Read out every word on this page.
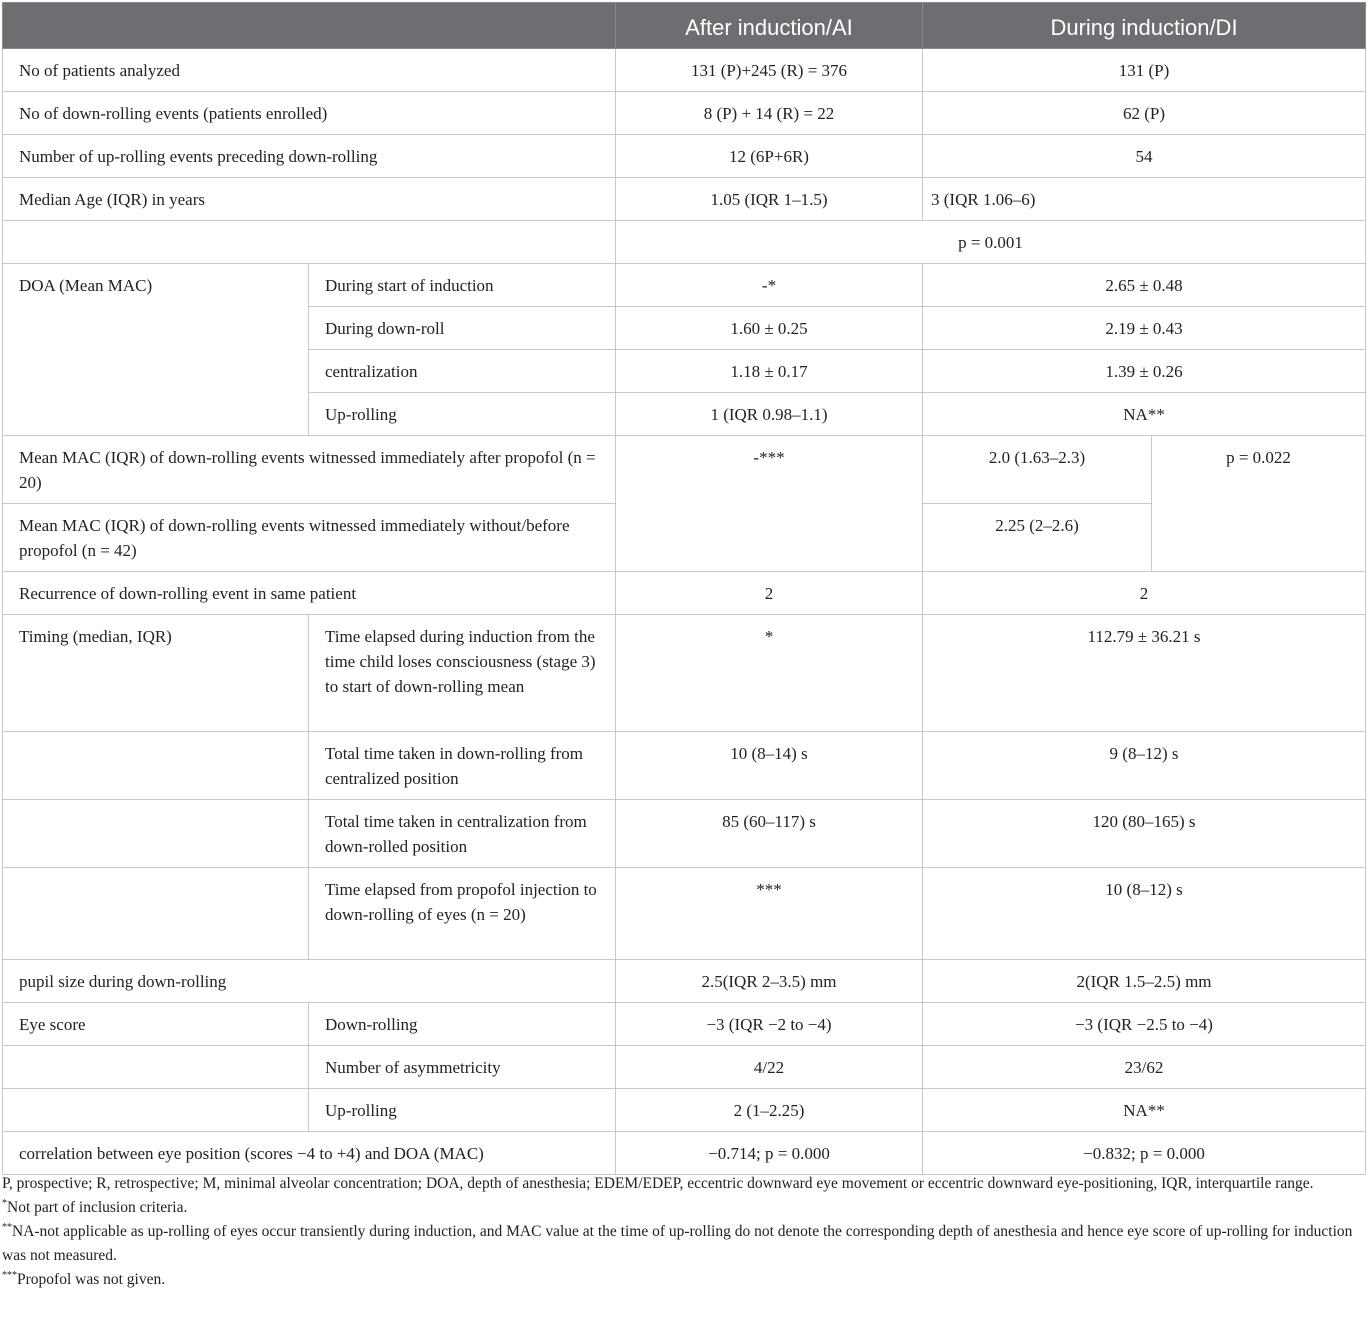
		After induction/AI	During induction/DI	
No of patients analyzed		131 (P)+245 (R) = 376	131 (P)	
No of down-rolling events (patients enrolled)		8 (P) + 14 (R) = 22	62 (P)	
Number of up-rolling events preceding down-rolling		12 (6P+6R)	54	
Median Age (IQR) in years		1.05 (IQR 1–1.5)	3 (IQR 1.06–6)	
		p = 0.001		
DOA (Mean MAC)	During start of induction	-*	2.65 ± 0.48	
	During down-roll	1.60 ± 0.25	2.19 ± 0.43	
	centralization	1.18 ± 0.17	1.39 ± 0.26	
	Up-rolling	1 (IQR 0.98–1.1)	NA**	
Mean MAC (IQR) of down-rolling events witnessed immediately after propofol (n = 20)		-***	2.0 (1.63–2.3)	p = 0.022
Mean MAC (IQR) of down-rolling events witnessed immediately without/before propofol (n = 42)			2.25 (2–2.6)	
Recurrence of down-rolling event in same patient		2	2	
Timing (median, IQR)	Time elapsed during induction from the time child loses consciousness (stage 3) to start of down-rolling mean	*	112.79 ± 36.21 s	
	Total time taken in down-rolling from centralized position	10 (8–14) s	9 (8–12) s	
	Total time taken in centralization from down-rolled position	85 (60–117) s	120 (80–165) s	
	Time elapsed from propofol injection to down-rolling of eyes (n = 20)	***	10 (8–12) s	
pupil size during down-rolling		2.5(IQR 2–3.5) mm	2(IQR 1.5–2.5) mm	
Eye score	Down-rolling	−3 (IQR −2 to −4)	−3 (IQR −2.5 to −4)	
	Number of asymmetricity	4/22	23/62	
	Up-rolling	2 (1–2.25)	NA**	
correlation between eye position (scores −4 to +4) and DOA (MAC)		−0.714; p = 0.000	−0.832; p = 0.000	

P, prospective; R, retrospective; M, minimal alveolar concentration; DOA, depth of anesthesia; EDEM/EDEP, eccentric downward eye movement or eccentric downward eye-positioning, IQR, interquartile range.

*Not part of inclusion criteria.

**NA-not applicable as up-rolling of eyes occur transiently during induction, and MAC value at the time of up-rolling do not denote the corresponding depth of anesthesia and hence eye score of up-rolling for induction was not measured.

***Propofol was not given.
